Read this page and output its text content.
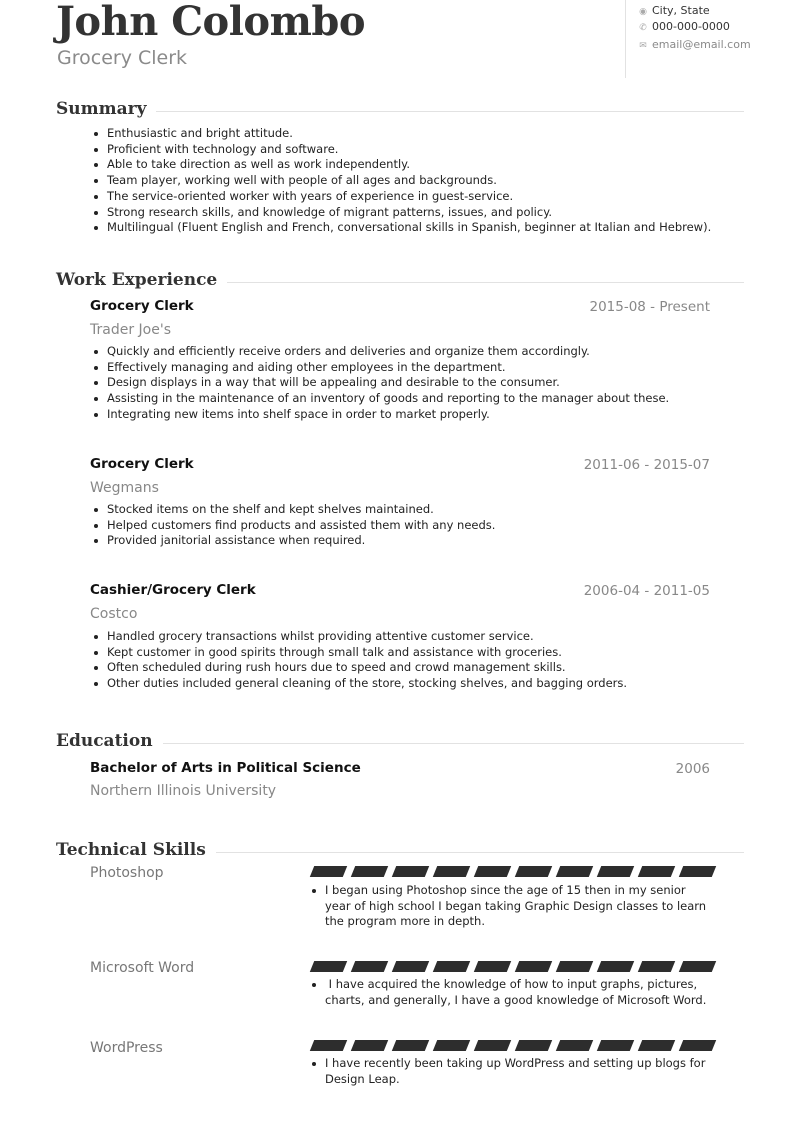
John Colombo
Grocery Clerk
◉ City, State
✆ 000-000-0000
✉ email@email.com
Summary
Enthusiastic and bright attitude.
Proficient with technology and software.
Able to take direction as well as work independently.
Team player, working well with people of all ages and backgrounds.
The service-oriented worker with years of experience in guest-service.
Strong research skills, and knowledge of migrant patterns, issues, and policy.
Multilingual (Fluent English and French, conversational skills in Spanish, beginner at Italian and Hebrew).
Work Experience
Grocery Clerk	2015-08 - Present
Trader Joe's
Quickly and efficiently receive orders and deliveries and organize them accordingly.
Effectively managing and aiding other employees in the department.
Design displays in a way that will be appealing and desirable to the consumer.
Assisting in the maintenance of an inventory of goods and reporting to the manager about these.
Integrating new items into shelf space in order to market properly.
Grocery Clerk	2011-06 - 2015-07
Wegmans
Stocked items on the shelf and kept shelves maintained.
Helped customers find products and assisted them with any needs.
Provided janitorial assistance when required.
Cashier/Grocery Clerk	2006-04 - 2011-05
Costco
Handled grocery transactions whilst providing attentive customer service.
Kept customer in good spirits through small talk and assistance with groceries.
Often scheduled during rush hours due to speed and crowd management skills.
Other duties included general cleaning of the store, stocking shelves, and bagging orders.
Education
Bachelor of Arts in Political Science	2006
Northern Illinois University
Technical Skills
Photoshop
I began using Photoshop since the age of 15 then in my senior year of high school I began taking Graphic Design classes to learn the program more in depth.
Microsoft Word
I have acquired the knowledge of how to input graphs, pictures, charts, and generally, I have a good knowledge of Microsoft Word.
WordPress
I have recently been taking up WordPress and setting up blogs for Design Leap.
